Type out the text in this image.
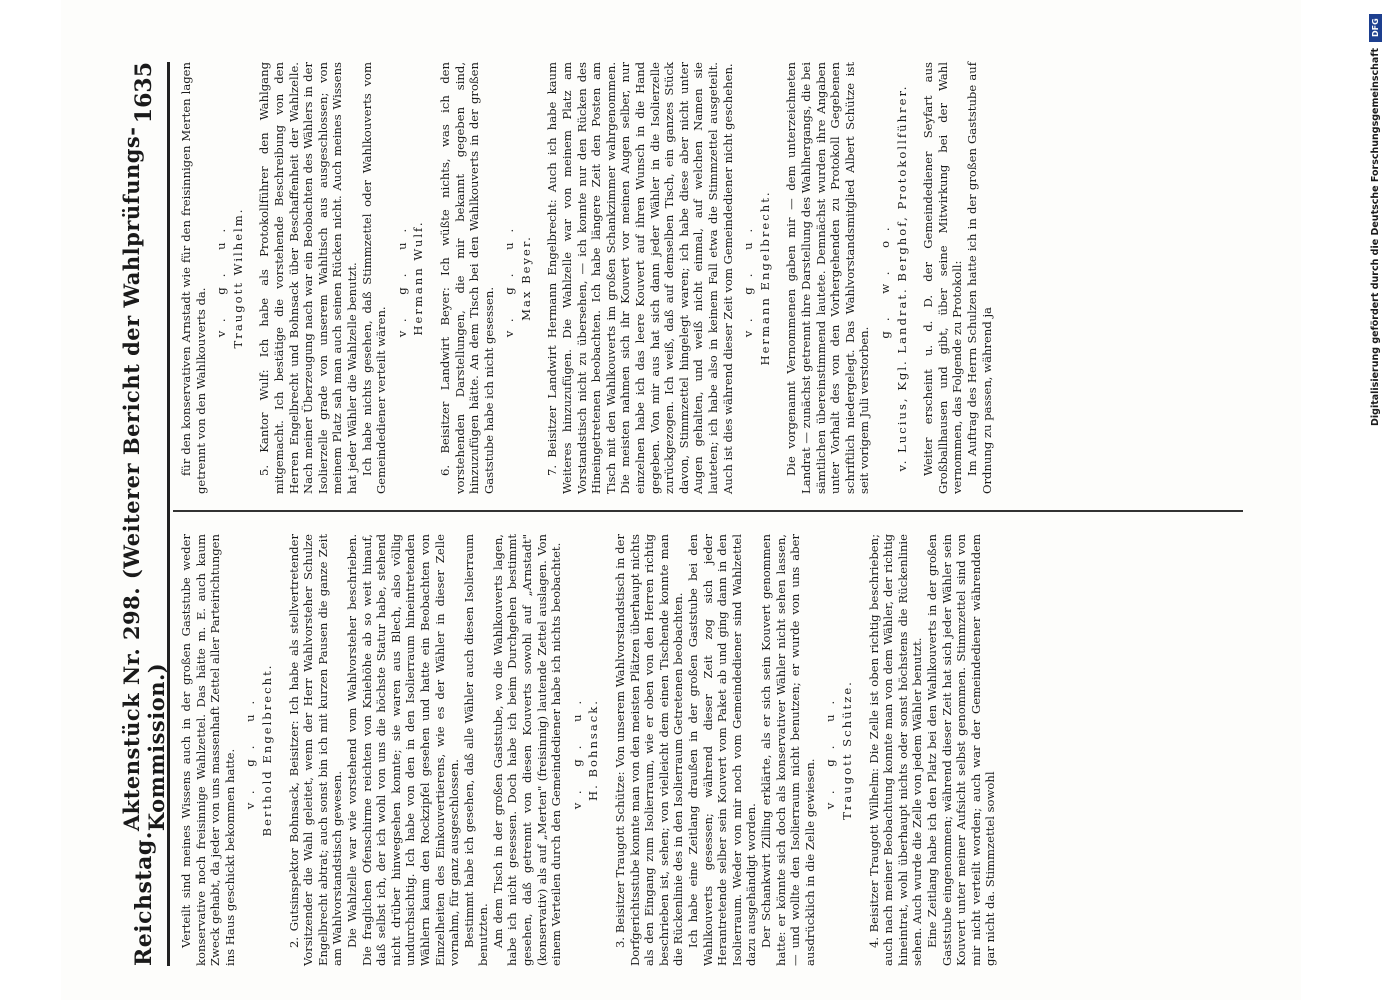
Reichstag.
Aktenstück Nr. 298. (Weiterer Bericht der Wahlprüfungs-Kommission.)
1635

Verteilt sind meines Wissens auch in der großen Gaststube weder konservative noch freisinnige Wahlzettel. Das hätte m. E. auch kaum Zweck gehabt, da jeder von uns massenhaft Zettel aller Parteirichtungen ins Haus geschickt bekommen hatte. v. g. u. Berthold Engelbrecht. 2. Gutsinspektor Bohnsack, Beisitzer: Ich habe als stellvertretender Vorsitzender die Wahl geleitet, wenn der Herr Wahlvorsteher Schulze Engelbrecht abtrat; auch sonst bin ich mit kurzen Pausen die ganze Zeit am Wahlvorstandstisch gewesen. Die Wahlzelle war wie vorstehend vom Wahlvorsteher beschrieben. Die fraglichen Ofenschirme reichten von Kniehöhe ab so weit hinauf, daß selbst ich, der ich wohl von uns die höchste Statur habe, stehend nicht drüber hinwegsehen konnte; sie waren aus Blech, also völlig undurchsichtig. Ich habe von den in den Isolierraum hineintretenden Wählern kaum den Rockzipfel gesehen und hatte ein Beobachten von Einzelheiten des Einkouvertierens, wie es der Wähler in dieser Zelle vornahm, für ganz ausgeschlossen. Bestimmt habe ich gesehen, daß alle Wähler auch diesen Isolierraum benutzten. Am dem Tisch in der großen Gaststube, wo die Wahlkouverts lagen, habe ich nicht gesessen. Doch habe ich beim Durchgehen bestimmt gesehen, daß getrennt von diesen Kouverts sowohl auf „Arnstadt" (konservativ) als auf „Merten" (freisinnig) lautende Zettel auslagen. Von einem Verteilen durch den Gemeindediener habe ich nichts beobachtet. v. g. u. H. Bohnsack. 3. Beisitzer Traugott Schütze: Von unserem Wahlvorstandstisch in der Dorfgerichtsstube konnte man von den meisten Plätzen überhaupt nichts als den Eingang zum Isolierraum, wie er oben von den Herren richtig beschrieben ist, sehen; von vielleicht dem einen Tischende konnte man die Rückenlinie des in den Isolierraum Getretenen beobachten. Ich habe eine Zeitlang draußen in der großen Gaststube bei den Wahlkouverts gesessen; während dieser Zeit zog sich jeder Herantretende selber sein Kouvert vom Paket ab und ging dann in den Isolierraum. Weder von mir noch vom Gemeindediener sind Wahlzettel dazu ausgehändigt worden. Der Schankwirt Zilling erklärte, als er sich sein Kouvert genommen hatte: er könnte sich doch als konservativer Wähler nicht sehen lassen, — und wollte den Isolierraum nicht benutzen; er wurde von uns aber ausdrücklich in die Zelle gewiesen.

v. g. u. Traugott Schütze. 4. Beisitzer Traugott Wilhelm: Die Zelle ist oben richtig beschrieben; auch nach meiner Beobachtung konnte man von dem Wähler, der richtig hineintrat, wohl überhaupt nichts oder sonst höchstens die Rückenlinie sehen. Auch wurde die Zelle von jedem Wähler benutzt. Eine Zeitlang habe ich den Platz bei den Wahlkouverts in der großen Gaststube eingenommen; während dieser Zeit hat sich jeder Wähler sein Kouvert unter meiner Aufsicht selbst genommen. Stimmzettel sind von mir nicht verteilt worden; auch war der Gemeindediener währenddem gar nicht da. Stimmzettel sowohl

für den konservativen Arnstadt wie für den freisinnigen Merten lagen getrennt von den Wahlkouverts da.

v. g. u. Traugott Wilhelm. 5. Kantor Wulf: Ich habe als Protokollführer den Wahlgang mitgemacht. Ich bestätige die vorstehende Beschreibung von den Herren Engelbrecht und Bohnsack über Beschaffenheit der Wahlzelle. Nach meiner Überzeugung nach war ein Beobachten des Wählers in der Isolierzelle grade von unserem Wahltisch aus ausgeschlossen; von meinem Platz sah man auch seinen Rücken nicht. Auch meines Wissens hat jeder Wähler die Wahlzelle benutzt. Ich habe nichts gesehen, daß Stimmzettel oder Wahlkouverts vom Gemeindediener verteilt wären.

v. g. u. Hermann Wulf. 6. Beisitzer Landwirt Beyer: Ich wüßte nichts, was ich den vorstehenden Darstellungen, die mir bekannt gegeben sind, hinzuzufügen hätte. An dem Tisch bei den Wahlkouverts in der großen Gaststube habe ich nicht gesessen.

v. g. u. Max Beyer. 7. Beisitzer Landwirt Hermann Engelbrecht: Auch ich habe kaum Weiteres hinzuzufügen. Die Wahlzelle war von meinem Platz am Vorstandstisch nicht zu übersehen, — ich konnte nur den Rücken des Hineingetretenen beobachten. Ich habe längere Zeit den Posten am Tisch mit den Wahlkouverts im großen Schankzimmer wahrgenommen. Die meisten nahmen sich ihr Kouvert vor meinen Augen selber, nur einzelnen habe ich das leere Kouvert auf ihren Wunsch in die Hand gegeben. Von mir aus hat sich dann jeder Wähler in die Isolierzelle zurückgezogen. Ich weiß, daß auf demselben Tisch, ein ganzes Stück davon, Stimmzettel hingelegt waren; ich habe diese aber nicht unter Augen gehalten, und weiß nicht einmal, auf welchen Namen sie lauteten; ich habe also in keinem Fall etwa die Stimmzettel ausgeteilt. Auch ist dies während dieser Zeit vom Gemeindediener nicht geschehen. v. g. u. Hermann Engelbrecht. Die vorgenannt Vernommenen gaben mir — dem unterzeichneten Landrat — zunächst getrennt ihre Darstellung des Wahlhergangs, die bei sämtlichen übereinstimmend lautete. Demnächst wurden ihre Angaben unter Vorhalt des von den Vorhergehenden zu Protokoll Gegebenen schriftlich niedergelegt. Das Wahlvorstandsmitglied Albert Schütze ist seit vorigem Juli verstorben.

g. w. o. v. Lucius, Kgl. Landrat. Berghof, Protokollführer. Weiter erscheint u. d. D. der Gemeindediener Seyfart aus Großballhausen und gibt, über seine Mitwirkung bei der Wahl vernommen, das Folgende zu Protokoll: Im Auftrag des Herrn Schulzen hatte ich in der großen Gaststube auf Ordnung zu passen, während ja

DFG
Digitalisierung gefördert durch die Deutsche Forschungsgemeinschaft
